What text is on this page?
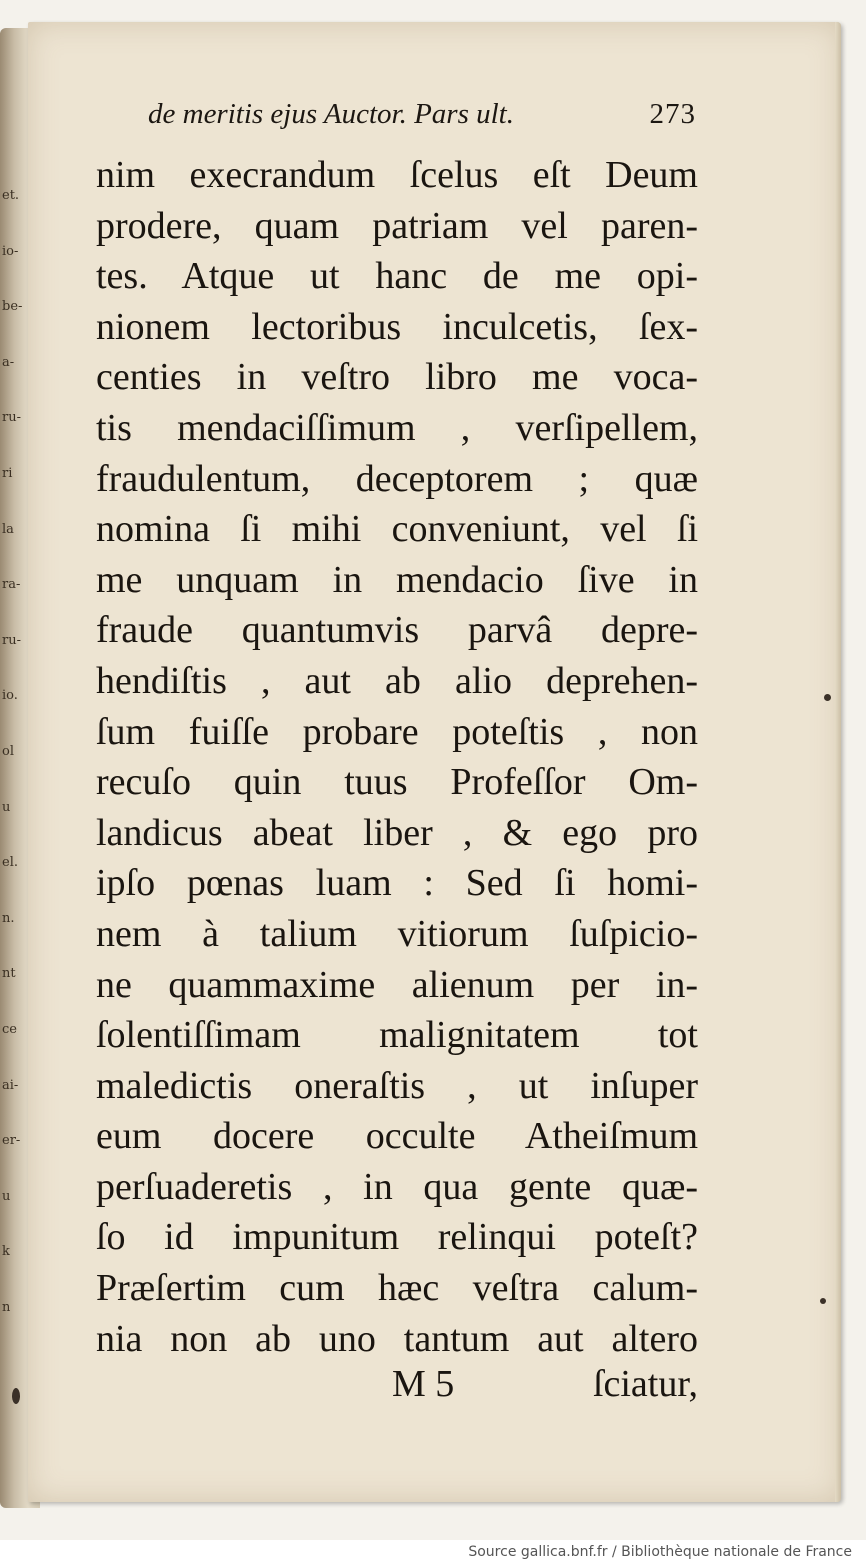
et.
io-
be-
a-
ru-
ri
la
ra-
ru-
io.
ol
u
el.
n.
nt
ce
ai-
er-
u
k
n
de meritis ejus Auctor. Pars ult.	273
nim execrandum ſcelus eſt Deum
prodere, quam patriam vel paren-
tes. Atque ut hanc de me opi-
nionem lectoribus inculcetis, ſex-
centies in veſtro libro me voca-
tis mendaciſſimum , verſipellem,
fraudulentum, deceptorem ; quæ
nomina ſi mihi conveniunt, vel ſi
me unquam in mendacio ſive in
fraude quantumvis parvâ depre-
hendiſtis , aut ab alio deprehen-
ſum fuiſſe probare poteſtis , non
recuſo quin tuus Profeſſor Om-
landicus abeat liber , & ego pro
ipſo pœnas luam : Sed ſi homi-
nem à talium vitiorum ſuſpicio-
ne quammaxime alienum per in-
ſolentiſſimam malignitatem tot
maledictis oneraſtis , ut inſuper
eum docere occulte Atheiſmum
perſuaderetis , in qua gente quæ-
ſo id impunitum relinqui poteſt?
Præſertim cum hæc veſtra calum-
nia non ab uno tantum aut altero
M 5	ſciatur,
Source gallica.bnf.fr / Bibliothèque nationale de France
